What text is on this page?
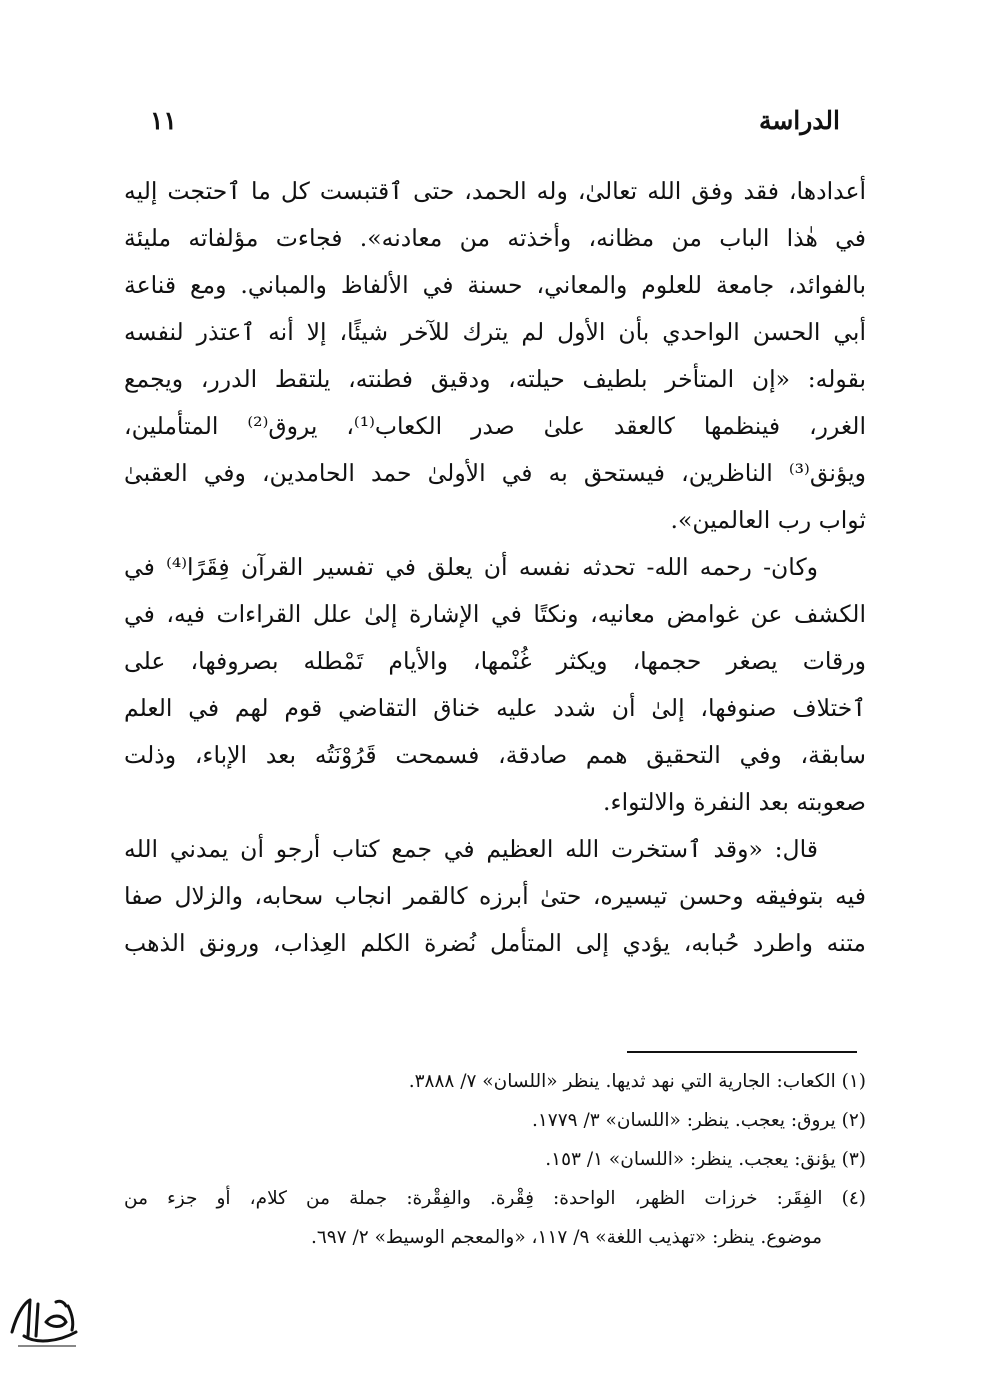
الدراسة
١١
أعدادها، فقد وفق الله تعالىٰ، وله الحمد، حتى ٱقتبست كل ما ٱحتجت إليه
في هٰذا الباب من مظانه، وأخذته من معادنه». فجاءت مؤلفاته مليئة
بالفوائد، جامعة للعلوم والمعاني، حسنة في الألفاظ والمباني. ومع قناعة
أبي الحسن الواحدي بأن الأول لم يترك للآخر شيئًا، إلا أنه ٱعتذر لنفسه
بقوله: «إن المتأخر بلطيف حيلته، ودقيق فطنته، يلتقط الدرر، ويجمع
الغرر، فينظمها كالعقد علىٰ صدر الكعاب⁽¹⁾، يروق⁽²⁾ المتأملين،
ويؤنق⁽³⁾ الناظرين، فيستحق به في الأولىٰ حمد الحامدين، وفي العقبىٰ
ثواب رب العالمين».
وكان- رحمه الله- تحدثه نفسه أن يعلق في تفسير القرآن فِقَرًا⁽⁴⁾ في
الكشف عن غوامض معانيه، ونكتًا في الإشارة إلىٰ علل القراءات فيه، في
ورقات يصغر حجمها، ويكثر غُنْمها، والأيام تَمْطله بصروفها، على
ٱختلاف صنوفها، إلىٰ أن شدد عليه خناق التقاضي قوم لهم في العلم
سابقة، وفي التحقيق همم صادقة، فسمحت قَرُوْنَتُه بعد الإباء، وذلت
صعوبته بعد النفرة والالتواء.
قال: «وقد ٱستخرت الله العظيم في جمع كتاب أرجو أن يمدني الله
فيه بتوفيقه وحسن تيسيره، حتىٰ أبرزه كالقمر انجاب سحابه، والزلال صفا
متنه واطرد حُبابه، يؤدي إلى المتأمل نُضرة الكلم العِذاب، ورونق الذهب
(١) الكعاب: الجارية التي نهد ثديها. ينظر «اللسان» ٧/ ٣٨٨٨.
(٢) يروق: يعجب. ينظر: «اللسان» ٣/ ١٧٧٩.
(٣) يؤنق: يعجب. ينظر: «اللسان» ١/ ١٥٣.
(٤) الفِقَر: خرزات الظهر، الواحدة: فِقْرة. والفِقْرة: جملة من كلام، أو جزء من
موضوع. ينظر: «تهذيب اللغة» ٩/ ١١٧، «والمعجم الوسيط» ٢/ ٦٩٧.
